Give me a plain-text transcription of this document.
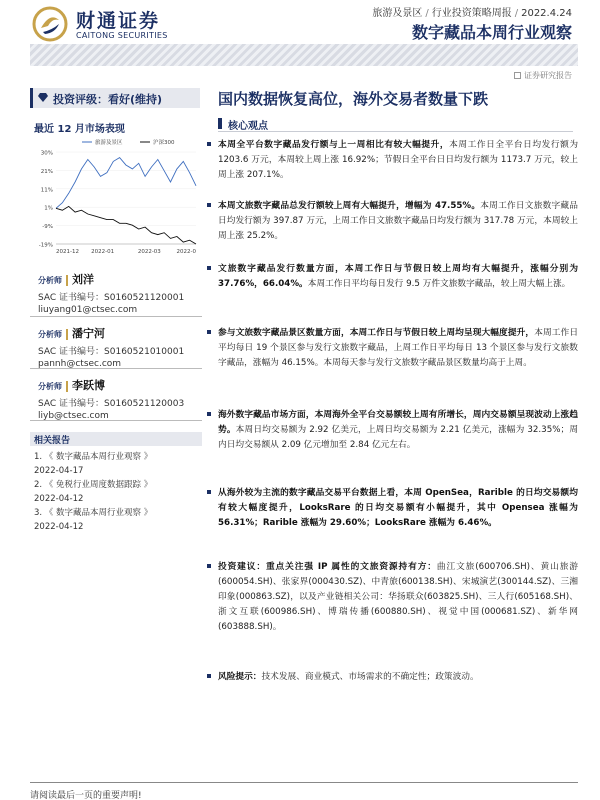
财通证券
CAITONG SECURITIES
旅游及景区 / 行业投资策略周报 / 2022.4.24
数字藏品本周行业观察
证券研究报告
投资评级：看好(维持)
最近 12 月市场表现
30%
21%
11%
1%
-9%
-19%
2021-12 2022-01	2022-03	2022-0
旅游及景区	沪深300
分析师 刘洋
SAC 证书编号：S0160521120001
liuyang01@ctsec.com
分析师 潘宁河
SAC 证书编号：S0160521010001
pannh@ctsec.com
分析师 李跃博
SAC 证书编号：S0160521120003
liyb@ctsec.com
相关报告
1. 《 数字藏品本周行业观察 》
2022-04-17
2. 《 免税行业周度数据跟踪 》
2022-04-12
3. 《 数字藏品本周行业观察 》
2022-04-12
国内数据恢复高位，海外交易者数量下跌
核心观点

本周全平台数字藏品发行额与上一周相比有较大幅提升，本周工作日全平台日均发行额为 1203.6 万元，本周较上周上涨 16.92%；节假日全平台日日均发行额为 1173.7 万元，较上周上涨 207.1%。

本周文旅数字藏品总发行额较上周有大幅提升，增幅为 47.55%。本周工作日文旅数字藏品日均发行额为 397.87 万元，上周工作日文旅数字藏品日均发行额为 317.78 万元，本周较上周上涨 25.2%。

文旅数字藏品发行数量方面，本周工作日与节假日较上周均有大幅提升，涨幅分别为 37.76%，66.04%。本周工作日平均每日发行 9.5 万件文旅数字藏品，较上周大幅上涨。

参与文旅数字藏品景区数量方面，本周工作日与节假日较上周均呈现大幅度提升，本周工作日平均每日 19 个景区参与发行文旅数字藏品，上周工作日平均每日 13 个景区参与发行文旅数字藏品，涨幅为 46.15%。本周每天参与发行文旅数字藏品景区数量均高于上周。

海外数字藏品市场方面，本周海外全平台交易额较上周有所增长，周内交易额呈现波动上涨趋势。本周日均交易额为 2.92 亿美元，上周日均交易额为 2.21 亿美元，涨幅为 32.35%；周内日均交易额从 2.09 亿元增加至 2.84 亿元左右。

从海外较为主流的数字藏品交易平台数据上看，本周 OpenSea，Rarible 的日均交易额均有较大幅度提升，LooksRare 的日均交易额有小幅提升，其中 Opensea 涨幅为 56.31%；Rarible 涨幅为 29.60%；LooksRare 涨幅为 6.46%。

投资建议：重点关注强 IP 属性的文旅资源持有方：曲江文旅(600706.SH)、黄山旅游(600054.SH)、张家界(000430.SZ)、中青旅(600138.SH)、宋城演艺(300144.SZ)、三湘印象(000863.SZ)，以及产业链相关公司：华扬联众(603825.SH)、三人行(605168.SH)、浙文互联(600986.SH)、博瑞传播(600880.SH)、视觉中国(000681.SZ)、新华网(603888.SH)。

风险提示：技术发展、商业模式、市场需求的不确定性；政策波动。

请阅读最后一页的重要声明!
